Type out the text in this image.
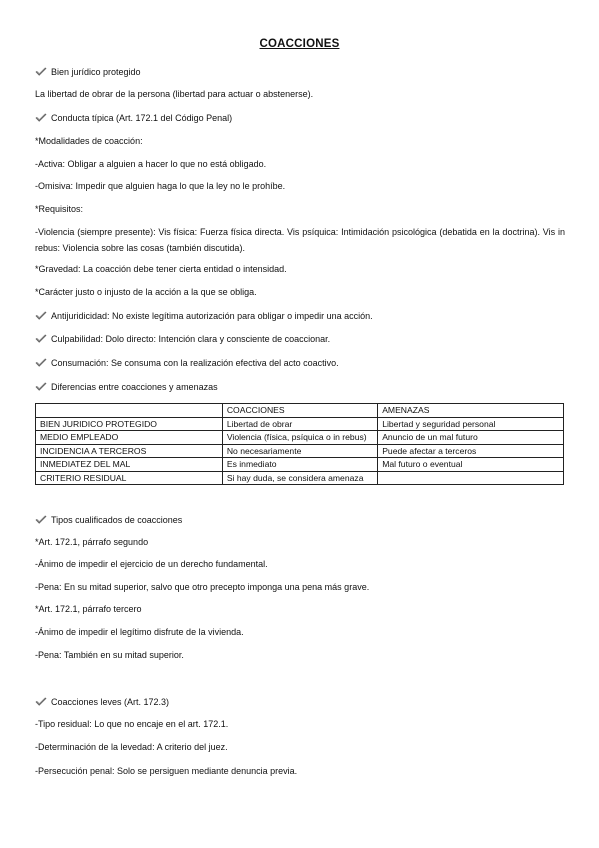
COACCIONES
Bien jurídico protegido
La libertad de obrar de la persona (libertad para actuar o abstenerse).
Conducta típica (Art. 172.1 del Código Penal)
*Modalidades de coacción:
-Activa: Obligar a alguien a hacer lo que no está obligado.
-Omisiva: Impedir que alguien haga lo que la ley no le prohíbe.
*Requisitos:
-Violencia (siempre presente): Vis física: Fuerza física directa. Vis psíquica: Intimidación psicológica (debatida en la doctrina). Vis in rebus: Violencia sobre las cosas (también discutida).
*Gravedad: La coacción debe tener cierta entidad o intensidad.
*Carácter justo o injusto de la acción a la que se obliga.
Antijuridicidad: No existe legítima autorización para obligar o impedir una acción.
Culpabilidad: Dolo directo: Intención clara y consciente de coaccionar.
Consumación: Se consuma con la realización efectiva del acto coactivo.
Diferencias entre coacciones y amenazas
	COACCIONES	AMENAZAS
BIEN JURIDICO PROTEGIDO	Libertad de obrar	Libertad y seguridad personal
MEDIO EMPLEADO	Violencia (física, psíquica o in rebus)	Anuncio de un mal futuro
INCIDENCIA A TERCEROS	No necesariamente	Puede afectar a terceros
INMEDIATEZ DEL MAL	Es inmediato	Mal futuro o eventual
CRITERIO RESIDUAL	Si hay duda, se considera amenaza	
Tipos cualificados de coacciones
*Art. 172.1, párrafo segundo
-Ánimo de impedir el ejercicio de un derecho fundamental.
-Pena: En su mitad superior, salvo que otro precepto imponga una pena más grave.
*Art. 172.1, párrafo tercero
-Ánimo de impedir el legítimo disfrute de la vivienda.
-Pena: También en su mitad superior.
Coacciones leves (Art. 172.3)
-Tipo residual: Lo que no encaje en el art. 172.1.
-Determinación de la levedad: A criterio del juez.
-Persecución penal: Solo se persiguen mediante denuncia previa.
